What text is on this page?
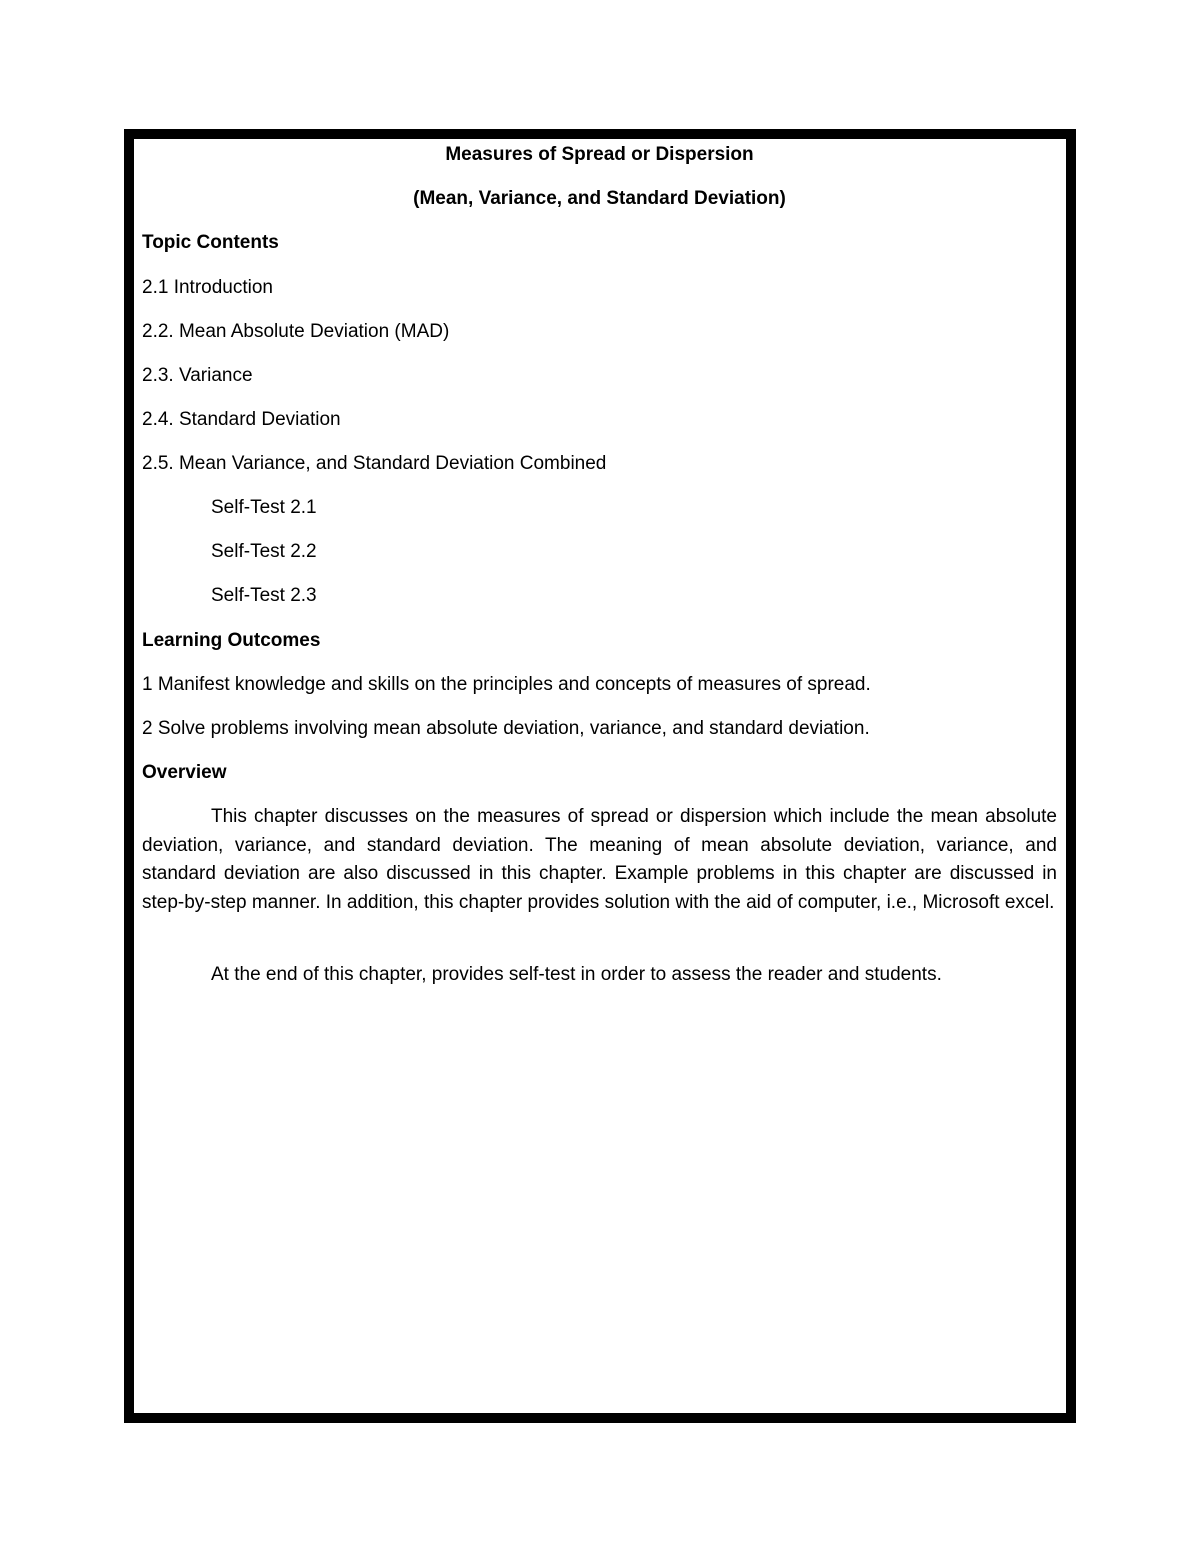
Measures of Spread or Dispersion
(Mean, Variance, and Standard Deviation)
Topic Contents
2.1 Introduction
2.2. Mean Absolute Deviation (MAD)
2.3. Variance
2.4. Standard Deviation
2.5. Mean Variance, and Standard Deviation Combined
Self-Test 2.1
Self-Test 2.2
Self-Test 2.3
Learning Outcomes
1 Manifest knowledge and skills on the principles and concepts of measures of spread.
2 Solve problems involving mean absolute deviation, variance, and standard deviation.
Overview

This chapter discusses on the measures of spread or dispersion which include the mean absolute deviation, variance, and standard deviation. The meaning of mean absolute deviation, variance, and standard deviation are also discussed in this chapter. Example problems in this chapter are discussed in step-by-step manner. In addition, this chapter provides solution with the aid of computer, i.e., Microsoft excel.

At the end of this chapter, provides self-test in order to assess the reader and students.
